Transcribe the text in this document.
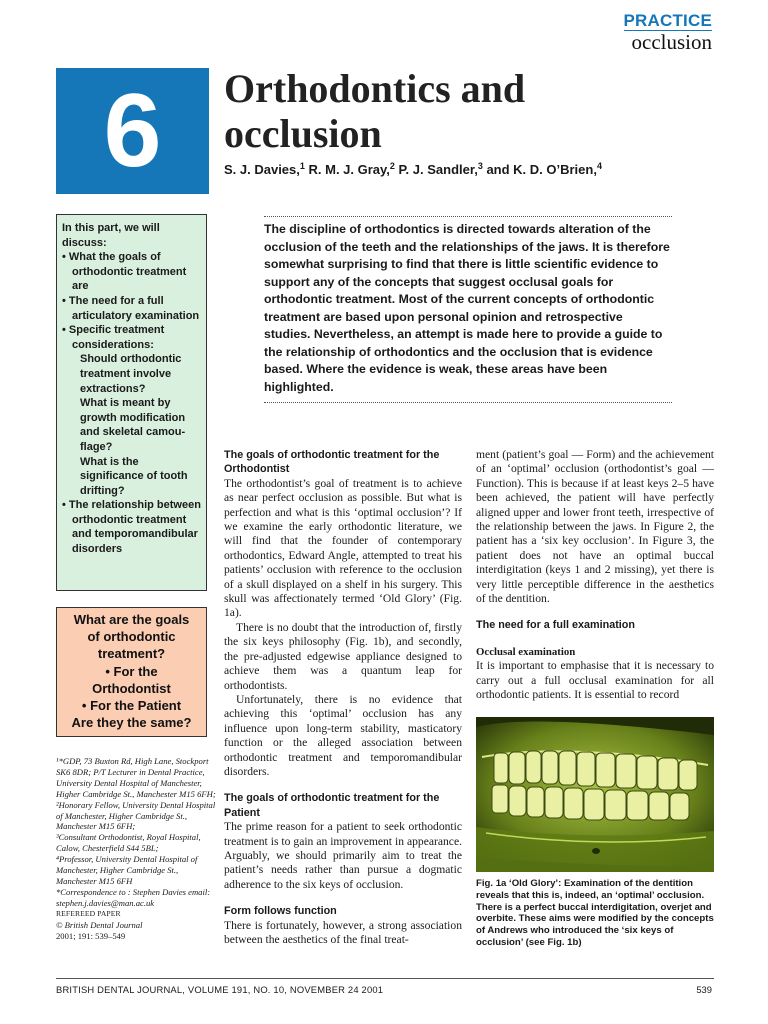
PRACTICE
occlusion
6	Orthodontics and
occlusion
S. J. Davies,$^1$ R. M. J. Gray,$^2$ P. J. Sandler,$^3$ and K. D. O’Brien,$^4$
In this part, we will discuss:
• What the goals of orthodontic treatment are
• The need for a full articulatory examination
• Specific treatment considerations:
Should orthodontic treatment involve extractions?
What is meant by growth modification and skeletal camou-flage?
What is the significance of tooth drifting?
• The relationship between orthodontic treatment and temporomandibular disorders
What are the goals
of orthodontic
treatment?
• For the
Orthodontist
• For the Patient
Are they the same?
¹*GDP, 73 Buxton Rd, High Lane, Stockport SK6 8DR; P/T Lecturer in Dental Practice, University Dental Hospital of Manchester, Higher Cambridge St., Manchester M15 6FH;
²Honorary Fellow, University Dental Hospital of Manchester, Higher Cambridge St., Manchester M15 6FH;
³Consultant Orthodontist, Royal Hospital, Calow, Chesterfield S44 5BL;
⁴Professor, University Dental Hospital of Manchester, Higher Cambridge St., Manchester M15 6FH
*Correspondence to : Stephen Davies email: stephen.j.davies@man.ac.uk
REFEREED PAPER
© British Dental Journal
2001; 191: 539–549
The discipline of orthodontics is directed towards alteration of the occlusion of the teeth and the relationships of the jaws. It is therefore somewhat surprising to find that there is little scientific evidence to support any of the concepts that suggest occlusal goals for orthodontic treatment. Most of the current concepts of orthodontic treatment are based upon personal opinion and retrospective studies. Nevertheless, an attempt is made here to provide a guide to the relationship of orthodontics and the occlusion that is evidence based. Where the evidence is weak, these areas have been highlighted.
The goals of orthodontic treatment for the Orthodontist

The orthodontist’s goal of treatment is to achieve as near perfect occlusion as possible. But what is perfection and what is this ‘optimal occlusion’? If we examine the early orthodontic literature, we will find that the founder of contemporary orthodontics, Edward Angle, attempted to treat his patients’ occlusion with reference to the occlusion of a skull displayed on a shelf in his surgery. This skull was affectionately termed ‘Old Glory’ (Fig. 1a).

There is no doubt that the introduction of, firstly the six keys philosophy (Fig. 1b), and secondly, the pre-adjusted edgewise appliance designed to achieve them was a quantum leap for orthodontists.

Unfortunately, there is no evidence that achieving this ‘optimal’ occlusion has any influence upon long-term stability, masticatory function or the alleged association between orthodontic treatment and temporomandibular disorders.

The goals of orthodontic treatment for the Patient

The prime reason for a patient to seek orthodontic treatment is to gain an improvement in appearance. Arguably, we should primarily aim to treat the patient’s needs rather than pursue a dogmatic adherence to the six keys of occlusion.

Form follows function

There is fortunately, however, a strong association between the aesthetics of the final treat-

ment (patient’s goal — Form) and the achievement of an ‘optimal’ occlusion (orthodontist’s goal — Function). This is because if at least keys 2–5 have been achieved, the patient will have perfectly aligned upper and lower front teeth, irrespective of the relationship between the jaws. In Figure 2, the patient has a ‘six key occlusion’. In Figure 3, the patient does not have an optimal buccal interdigitation (keys 1 and 2 missing), yet there is very little perceptible difference in the aesthetics of the dentition.

The need for a full examination
Occlusal examination

It is important to emphasise that it is necessary to carry out a full occlusal examination for all orthodontic patients. It is essential to record

Fig. 1a ‘Old Glory’: Examination of the dentition reveals that this is, indeed, an ‘optimal’ occlusion. There is a perfect buccal interdigitation, overjet and overbite. These aims were modified by the concepts of Andrews who introduced the ‘six keys of occlusion’ (see Fig. 1b)
BRITISH DENTAL JOURNAL, VOLUME 191, NO. 10, NOVEMBER 24 2001	539
